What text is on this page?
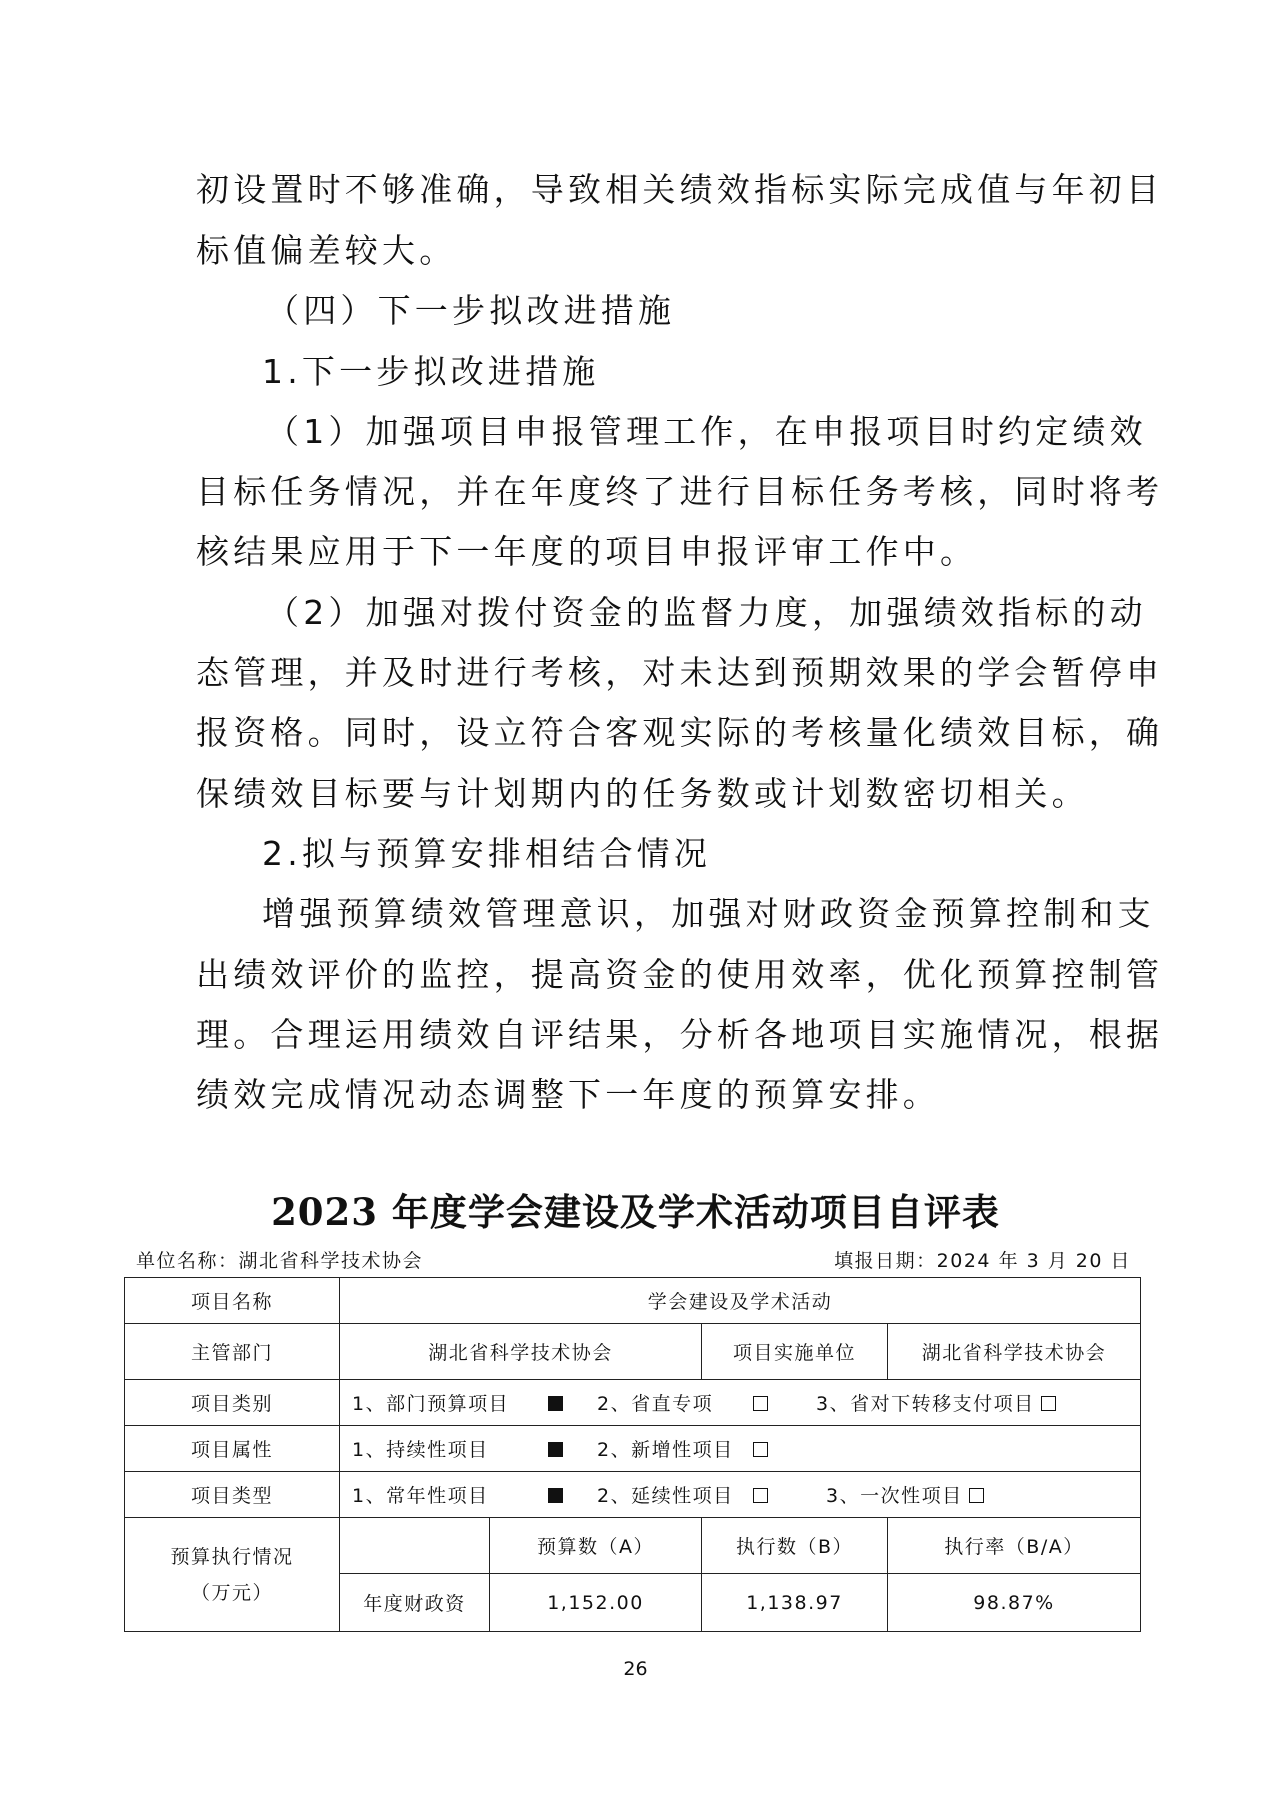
初设置时不够准确，导致相关绩效指标实际完成值与年初目
标值偏差较大。
（四）下一步拟改进措施
1.下一步拟改进措施
（1）加强项目申报管理工作，在申报项目时约定绩效
目标任务情况，并在年度终了进行目标任务考核，同时将考
核结果应用于下一年度的项目申报评审工作中。
（2）加强对拨付资金的监督力度，加强绩效指标的动
态管理，并及时进行考核，对未达到预期效果的学会暂停申
报资格。同时，设立符合客观实际的考核量化绩效目标，确
保绩效目标要与计划期内的任务数或计划数密切相关。
2.拟与预算安排相结合情况
增强预算绩效管理意识，加强对财政资金预算控制和支
出绩效评价的监控，提高资金的使用效率，优化预算控制管
理。合理运用绩效自评结果，分析各地项目实施情况，根据
绩效完成情况动态调整下一年度的预算安排。
2023 年度学会建设及学术活动项目自评表
单位名称：湖北省科学技术协会	填报日期：2024 年 3 月 20 日
项目名称	学会建设及学术活动			
主管部门	湖北省科学技术协会		项目实施单位	湖北省科学技术协会
项目类别	1、部门预算项目 2、省直专项 3、省对下转移支付项目			
项目属性	1、持续性项目 2、新增性项目			
项目类型	1、常年性项目 2、延续性项目 3、一次性项目			

预算执行情况
（万元）		预算数（A）	执行数（B）	执行率（B/A）
	年度财政资	1,152.00	1,138.97	98.87%
26
